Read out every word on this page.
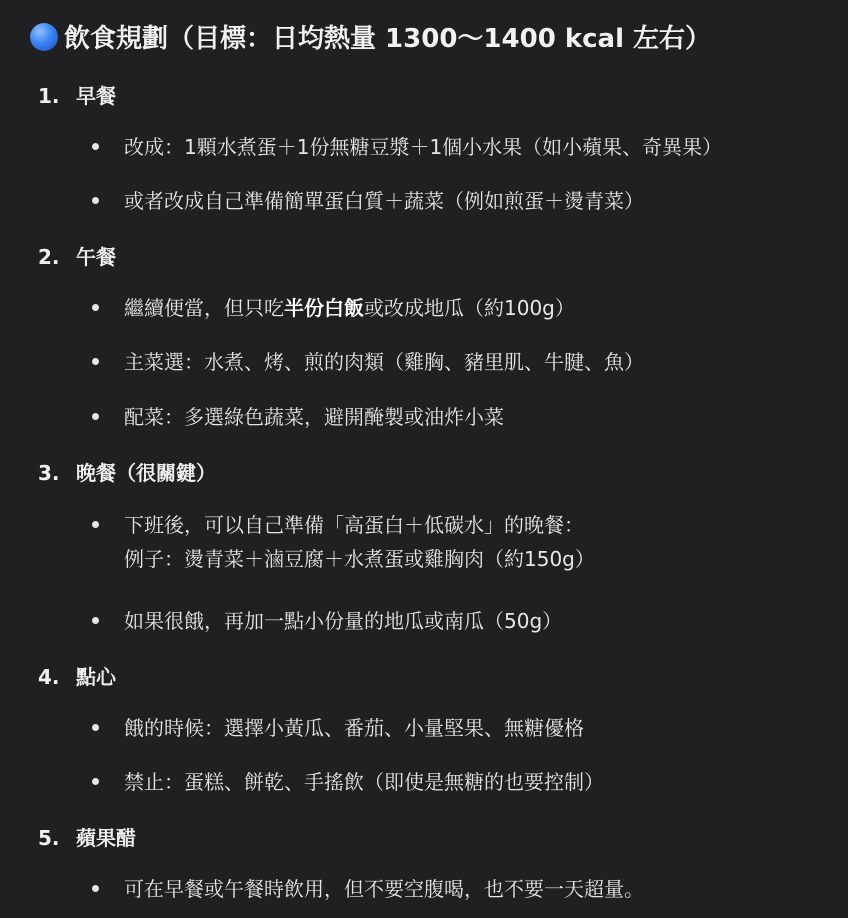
飲食規劃（目標：日均熱量 1300～1400 kcal 左右）
1. 早餐
改成：1顆水煮蛋＋1份無糖豆漿＋1個小水果（如小蘋果、奇異果）
或者改成自己準備簡單蛋白質＋蔬菜（例如煎蛋＋燙青菜）
2. 午餐
繼續便當，但只吃半份白飯或改成地瓜（約100g）
主菜選：水煮、烤、煎的肉類（雞胸、豬里肌、牛腱、魚）
配菜：多選綠色蔬菜，避開醃製或油炸小菜
3. 晚餐（很關鍵）
下班後，可以自己準備「高蛋白＋低碳水」的晚餐：
例子：燙青菜＋滷豆腐＋水煮蛋或雞胸肉（約150g）
如果很餓，再加一點小份量的地瓜或南瓜（50g）
4. 點心
餓的時候：選擇小黃瓜、番茄、小量堅果、無糖優格
禁止：蛋糕、餅乾、手搖飲（即使是無糖的也要控制）
5. 蘋果醋
可在早餐或午餐時飲用，但不要空腹喝，也不要一天超量。
